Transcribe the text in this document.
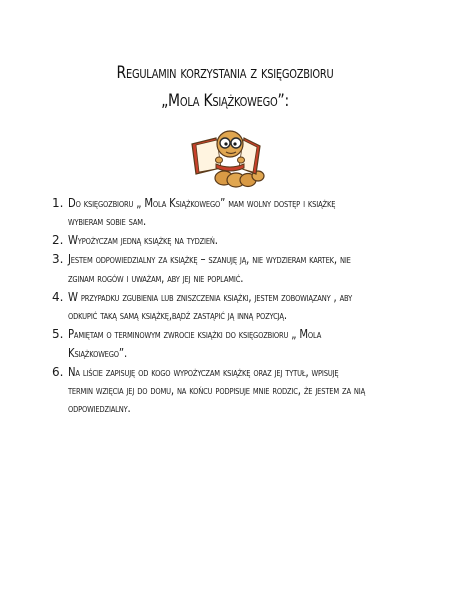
Regulamin korzystania z księgozbioru
„Mola Książkowego”:
1. Do księgozbioru „ Mola Książkowego” mam wolny dostęp i książkę wybieram sobie sam.
2. Wypożyczam jedną książkę na tydzień.
3. Jestem odpowiedzialny za książkę – szanuję ją, nie wydzieram kartek, nie zginam rogów i uważam, aby jej nie poplamić.
4. W przypadku zgubienia lub zniszczenia książki, jestem zobowiązany , aby odkupić taką samą książkę,bądź zastąpić ją inną pozycją.
5. Pamiętam o terminowym zwrocie książki do księgozbioru „ Mola Książkowego”.
6. Na liście zapisuję od kogo wypożyczam książkę oraz jej tytuł, wpisuję termin wzięcia jej do domu, na końcu podpisuje mnie rodzic, że jestem za nią odpowiedzialny.
